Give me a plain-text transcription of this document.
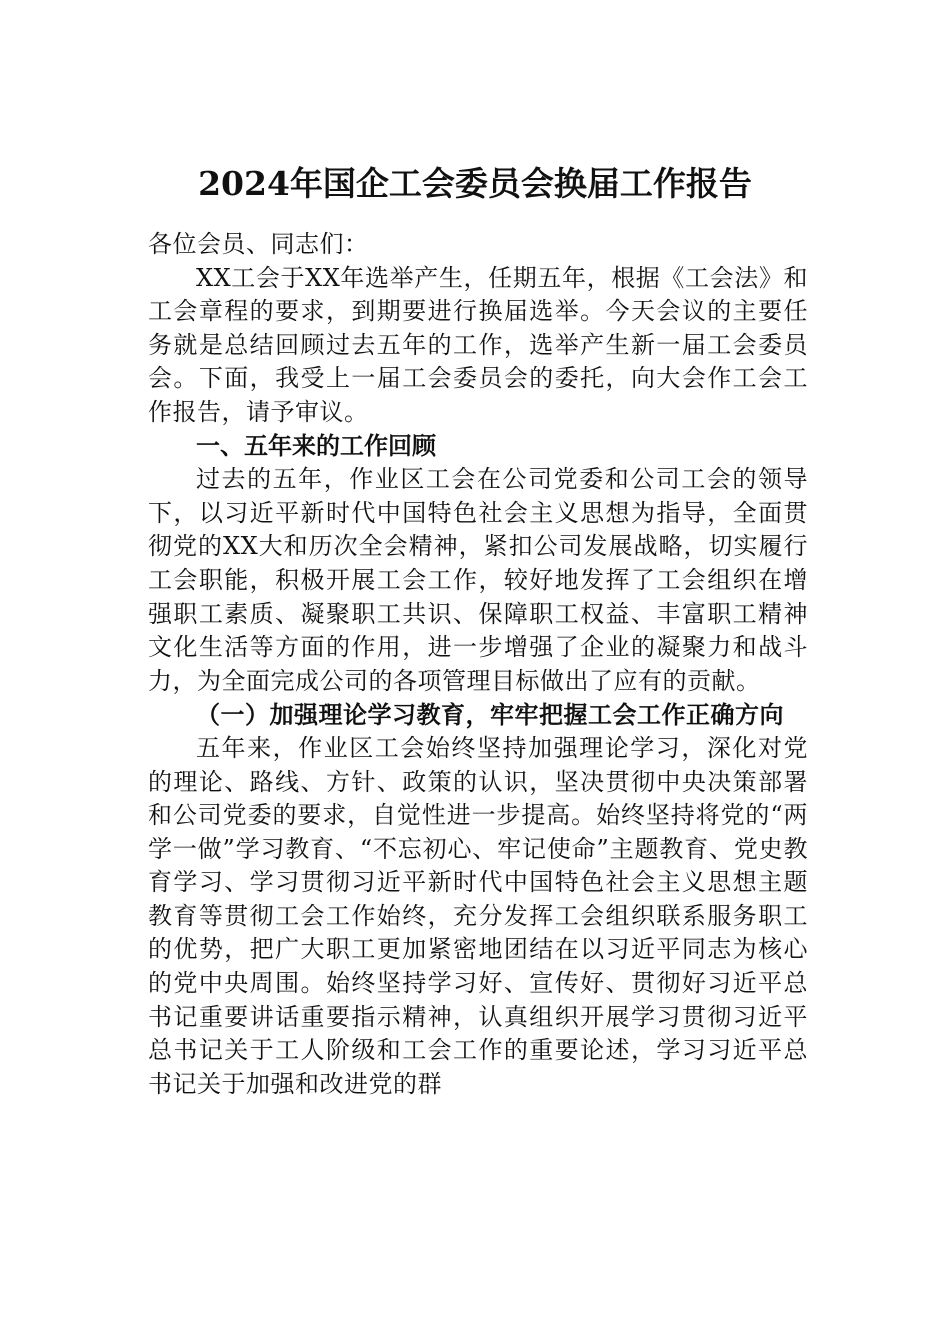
2024年国企工会委员会换届工作报告

各位会员、同志们：

XX工会于XX年选举产生，任期五年，根据《工会法》和工会章程的要求，到期要进行换届选举。今天会议的主要任务就是总结回顾过去五年的工作，选举产生新一届工会委员会。下面，我受上一届工会委员会的委托，向大会作工会工作报告，请予审议。

一、五年来的工作回顾

过去的五年，作业区工会在公司党委和公司工会的领导下，以习近平新时代中国特色社会主义思想为指导，全面贯彻党的XX大和历次全会精神，紧扣公司发展战略，切实履行工会职能，积极开展工会工作，较好地发挥了工会组织在增强职工素质、凝聚职工共识、保障职工权益、丰富职工精神文化生活等方面的作用，进一步增强了企业的凝聚力和战斗力，为全面完成公司的各项管理目标做出了应有的贡献。

（一）加强理论学习教育，牢牢把握工会工作正确方向

五年来，作业区工会始终坚持加强理论学习，深化对党的理论、路线、方针、政策的认识，坚决贯彻中央决策部署和公司党委的要求，自觉性进一步提高。始终坚持将党的“两学一做”学习教育、“不忘初心、牢记使命”主题教育、党史教育学习、学习贯彻习近平新时代中国特色社会主义思想主题教育等贯彻工会工作始终，充分发挥工会组织联系服务职工的优势，把广大职工更加紧密地团结在以习近平同志为核心的党中央周围。始终坚持学习好、宣传好、贯彻好习近平总书记重要讲话重要指示精神，认真组织开展学习贯彻习近平总书记关于工人阶级和工会工作的重要论述，学习习近平总书记关于加强和改进党的群
